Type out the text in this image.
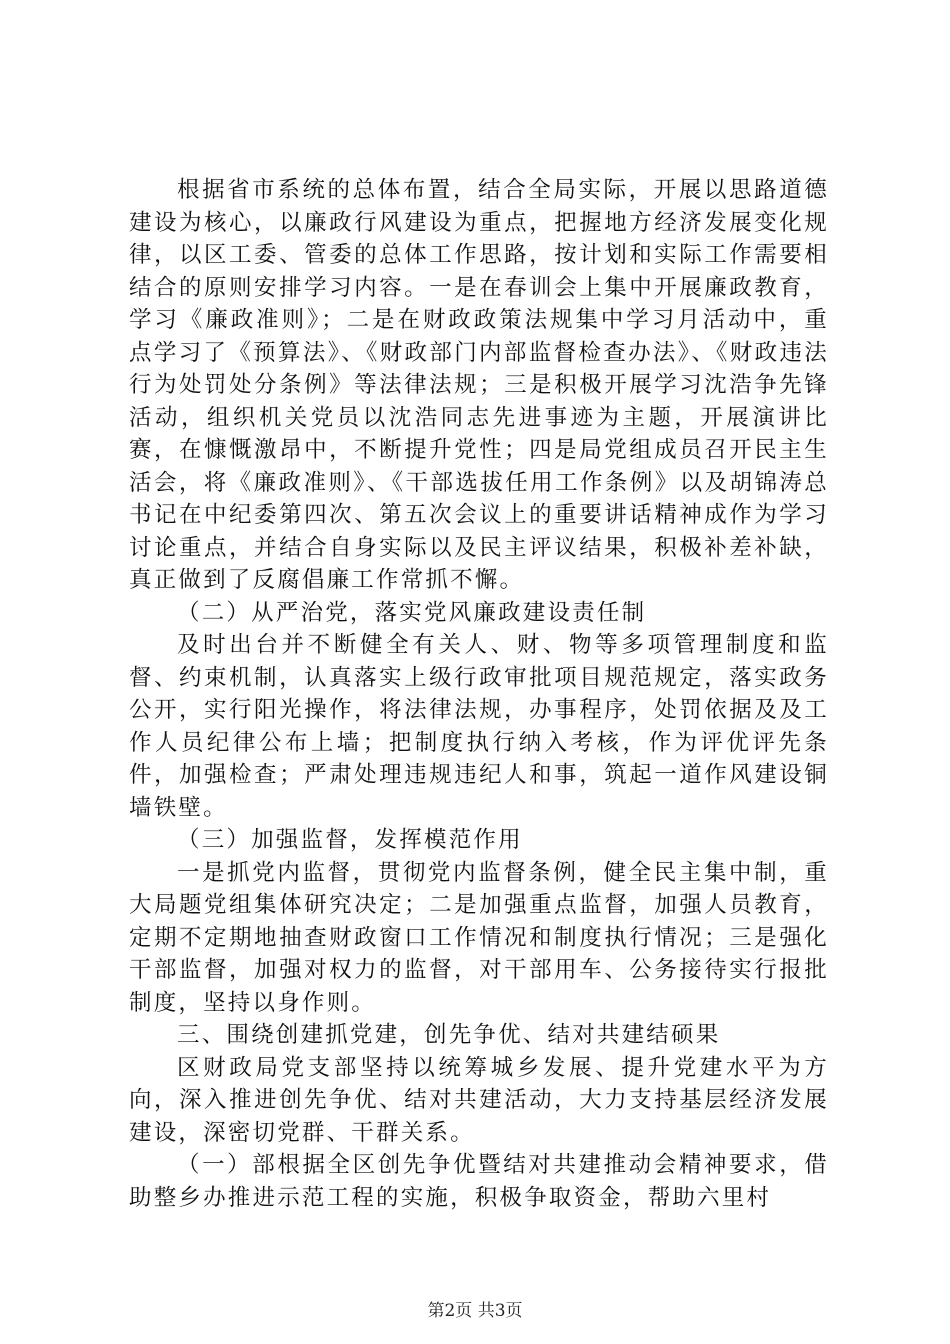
根据省市系统的总体布置，结合全局实际，开展以思路道德建设为核心，以廉政行风建设为重点，把握地方经济发展变化规律，以区工委、管委的总体工作思路，按计划和实际工作需要相结合的原则安排学习内容。一是在春训会上集中开展廉政教育，学习《廉政准则》；二是在财政政策法规集中学习月活动中，重点学习了《预算法》、《财政部门内部监督检查办法》、《财政违法行为处罚处分条例》等法律法规；三是积极开展学习沈浩争先锋活动，组织机关党员以沈浩同志先进事迹为主题，开展演讲比赛，在慷慨激昂中，不断提升党性；四是局党组成员召开民主生活会，将《廉政准则》、《干部选拔任用工作条例》以及胡锦涛总书记在中纪委第四次、第五次会议上的重要讲话精神成作为学习讨论重点，并结合自身实际以及民主评议结果，积极补差补缺，真正做到了反腐倡廉工作常抓不懈。

（二）从严治党，落实党风廉政建设责任制

及时出台并不断健全有关人、财、物等多项管理制度和监督、约束机制，认真落实上级行政审批项目规范规定，落实政务公开，实行阳光操作，将法律法规，办事程序，处罚依据及及工作人员纪律公布上墙；把制度执行纳入考核，作为评优评先条件，加强检查；严肃处理违规违纪人和事，筑起一道作风建设铜墙铁壁。

（三）加强监督，发挥模范作用

一是抓党内监督，贯彻党内监督条例，健全民主集中制，重大局题党组集体研究决定；二是加强重点监督，加强人员教育，定期不定期地抽查财政窗口工作情况和制度执行情况；三是强化干部监督，加强对权力的监督，对干部用车、公务接待实行报批制度，坚持以身作则。

三、围绕创建抓党建，创先争优、结对共建结硕果

区财政局党支部坚持以统筹城乡发展、提升党建水平为方向，深入推进创先争优、结对共建活动，大力支持基层经济发展建设，深密切党群、干群关系。

（一）部根据全区创先争优暨结对共建推动会精神要求，借助整乡办推进示范工程的实施，积极争取资金，帮助六里村

第2页 共3页
